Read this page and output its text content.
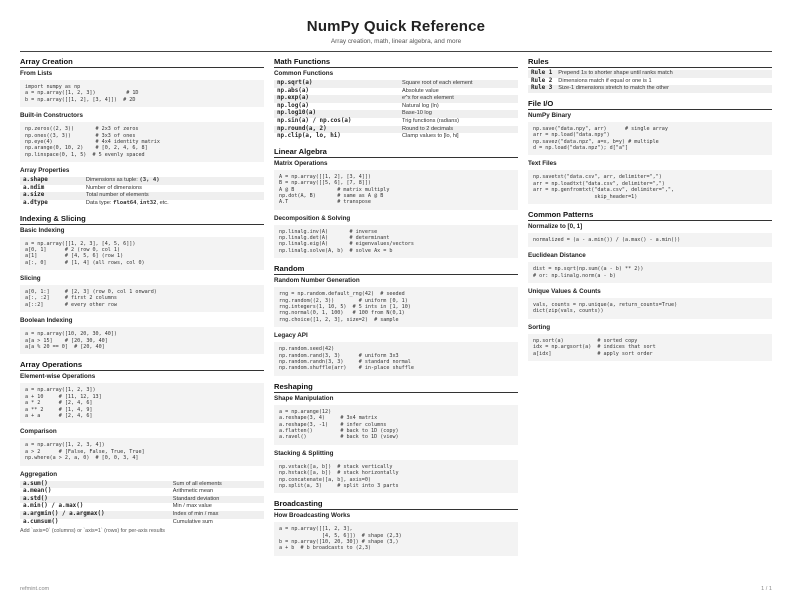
NumPy Quick Reference
Array creation, math, linear algebra, and more
Array Creation
From Lists
import numpy as np
a = np.array([1, 2, 3])          # 1D
b = np.array([[1, 2], [3, 4]])  # 2D
Built-in Constructors
np.zeros((2, 3))       # 2x3 of zeros
np.ones((3, 3))        # 3x3 of ones
np.eye(4)              # 4x4 identity matrix
np.arange(0, 10, 2)    # [0, 2, 4, 6, 8]
np.linspace(0, 1, 5)  # 5 evenly spaced
Array Properties
a.shape	Dimensions as tuple: (3, 4)
a.ndim	Number of dimensions
a.size	Total number of elements
a.dtype	Data type: float64, int32, etc.
Indexing & Slicing
Basic Indexing
a = np.array([[1, 2, 3], [4, 5, 6]])
a[0, 1]      # 2 (row 0, col 1)
a[1]         # [4, 5, 6] (row 1)
a[:, 0]      # [1, 4] (all rows, col 0)
Slicing
a[0, 1:]     # [2, 3] (row 0, col 1 onward)
a[:, :2]     # first 2 columns
a[::2]       # every other row
Boolean Indexing
a = np.array([10, 20, 30, 40])
a[a > 15]    # [20, 30, 40]
a[a % 20 == 0]  # [20, 40]
Array Operations
Element-wise Operations
a = np.array([1, 2, 3])
a + 10     # [11, 12, 13]
a * 2      # [2, 4, 6]
a ** 2     # [1, 4, 9]
a + a      # [2, 4, 6]
Comparison
a = np.array([1, 2, 3, 4])
a > 2      # [False, False, True, True]
np.where(a > 2, a, 0)  # [0, 0, 3, 4]
Aggregation
a.sum()	Sum of all elements
a.mean()	Arithmetic mean
a.std()	Standard deviation
a.min() / a.max()	Min / max value
a.argmin() / a.argmax()	Index of min / max
a.cumsum()	Cumulative sum
Add `axis=0` (columns) or `axis=1` (rows) for per-axis results
Math Functions
Common Functions
np.sqrt(a)	Square root of each element
np.abs(a)	Absolute value
np.exp(a)	e^x for each element
np.log(a)	Natural log (ln)
np.log10(a)	Base-10 log
np.sin(a) / np.cos(a)	Trig functions (radians)
np.round(a, 2)	Round to 2 decimals
np.clip(a, lo, hi)	Clamp values to [lo, hi]
Linear Algebra
Matrix Operations
A = np.array([[1, 2], [3, 4]])
B = np.array([[5, 6], [7, 8]])
A @ B              # matrix multiply
np.dot(A, B)       # same as A @ B
A.T                # transpose
Decomposition & Solving
np.linalg.inv(A)       # inverse
np.linalg.det(A)       # determinant
np.linalg.eig(A)       # eigenvalues/vectors
np.linalg.solve(A, b)  # solve Ax = b
Random
Random Number Generation
rng = np.random.default_rng(42)  # seeded
rng.random((2, 3))        # uniform [0, 1)
rng.integers(1, 10, 5)  # 5 ints in [1, 10)
rng.normal(0, 1, 100)   # 100 from N(0,1)
rng.choice([1, 2, 3], size=2)  # sample
Legacy API
np.random.seed(42)
np.random.rand(3, 3)      # uniform 3x3
np.random.randn(3, 3)     # standard normal
np.random.shuffle(arr)    # in-place shuffle
Reshaping
Shape Manipulation
a = np.arange(12)
a.reshape(3, 4)     # 3x4 matrix
a.reshape(3, -1)    # infer columns
a.flatten()         # back to 1D (copy)
a.ravel()           # back to 1D (view)
Stacking & Splitting
np.vstack([a, b])  # stack vertically
np.hstack([a, b])  # stack horizontally
np.concatenate([a, b], axis=0)
np.split(a, 3)     # split into 3 parts
Broadcasting
How Broadcasting Works
a = np.array([[1, 2, 3],
[4, 5, 6]])  # shape (2,3)
b = np.array([10, 20, 30]) # shape (3,)
a + b  # b broadcasts to (2,3)
Rules
Rule 1	Prepend 1s to shorter shape until ranks match
Rule 2	Dimensions match if equal or one is 1
Rule 3	Size-1 dimensions stretch to match the other
File I/O
NumPy Binary
np.save("data.npy", arr)      # single array
arr = np.load("data.npy")
np.savez("data.npz", a=x, b=y) # multiple
d = np.load("data.npz"); d["a"]
Text Files
np.savetxt("data.csv", arr, delimiter=",")
arr = np.loadtxt("data.csv", delimiter=",")
arr = np.genfromtxt("data.csv", delimiter=",",
skip_header=1)
Common Patterns
Normalize to [0, 1]
normalized = (a - a.min()) / (a.max() - a.min())
Euclidean Distance
dist = np.sqrt(np.sum((a - b) ** 2))
# or: np.linalg.norm(a - b)
Unique Values & Counts
vals, counts = np.unique(a, return_counts=True)
dict(zip(vals, counts))
Sorting
np.sort(a)           # sorted copy
idx = np.argsort(a)  # indices that sort
a[idx]               # apply sort order
refmint.com	1 / 1
